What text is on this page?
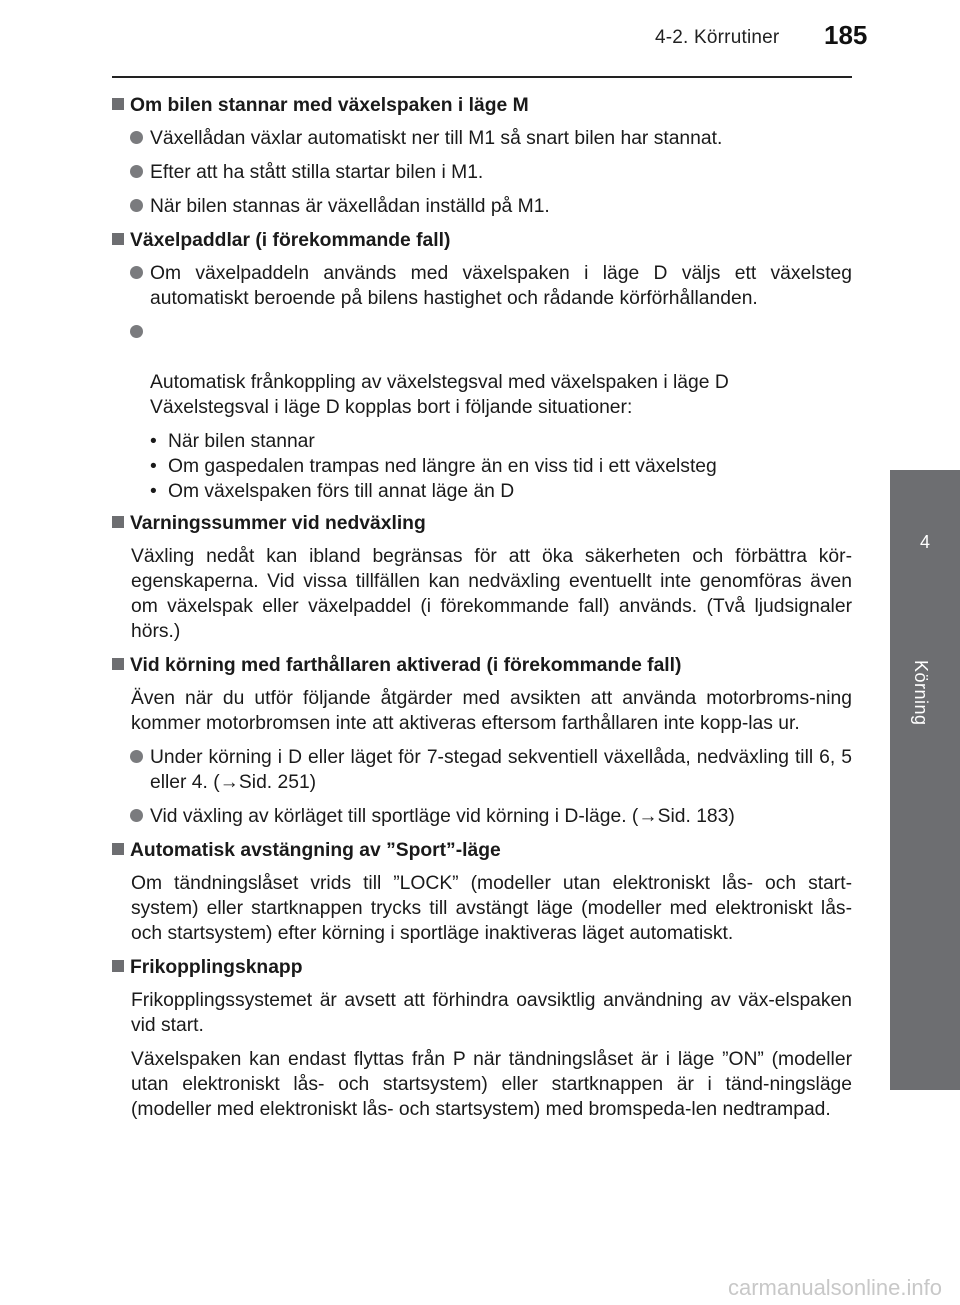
4-2. Körrutiner 185
4
Körning
Om bilen stannar med växelspaken i läge M
Växellådan växlar automatiskt ner till M1 så snart bilen har stannat.
Efter att ha stått stilla startar bilen i M1.
När bilen stannas är växellådan inställd på M1.
Växelpaddlar (i förekommande fall)
Om växelpaddeln används med växelspaken i läge D väljs ett växelsteg automatiskt beroende på bilens hastighet och rådande körförhållanden.

Automatisk frånkoppling av växelstegsval med växelspaken i läge D
Växelstegsval i läge D kopplas bort i följande situationer:

• När bilen stannar
• Om gaspedalen trampas ned längre än en viss tid i ett växelsteg
• Om växelspaken förs till annat läge än D
Varningssummer vid nedväxling
Växling nedåt kan ibland begränsas för att öka säkerheten och förbättra kör-egenskaperna. Vid vissa tillfällen kan nedväxling eventuellt inte genomföras även om växelspak eller växelpaddel (i förekommande fall) används. (Två ljudsignaler hörs.)
Vid körning med farthållaren aktiverad (i förekommande fall)
Även när du utför följande åtgärder med avsikten att använda motorbroms-ning kommer motorbromsen inte att aktiveras eftersom farthållaren inte kopp-las ur.
Under körning i D eller läget för 7-stegad sekventiell växellåda, nedväxling till 6, 5 eller 4. (→Sid. 251)
Vid växling av körläget till sportläge vid körning i D-läge. (→Sid. 183)
Automatisk avstängning av ”Sport”-läge
Om tändningslåset vrids till ”LOCK” (modeller utan elektroniskt lås- och start-system) eller startknappen trycks till avstängt läge (modeller med elektroniskt lås- och startsystem) efter körning i sportläge inaktiveras läget automatiskt.
Frikopplingsknapp
Frikopplingssystemet är avsett att förhindra oavsiktlig användning av väx-elspaken vid start.
Växelspaken kan endast flyttas från P när tändningslåset är i läge ”ON” (modeller utan elektroniskt lås- och startsystem) eller startknappen är i tänd-ningsläge (modeller med elektroniskt lås- och startsystem) med bromspeda-len nedtrampad.
carmanualsonline.info
